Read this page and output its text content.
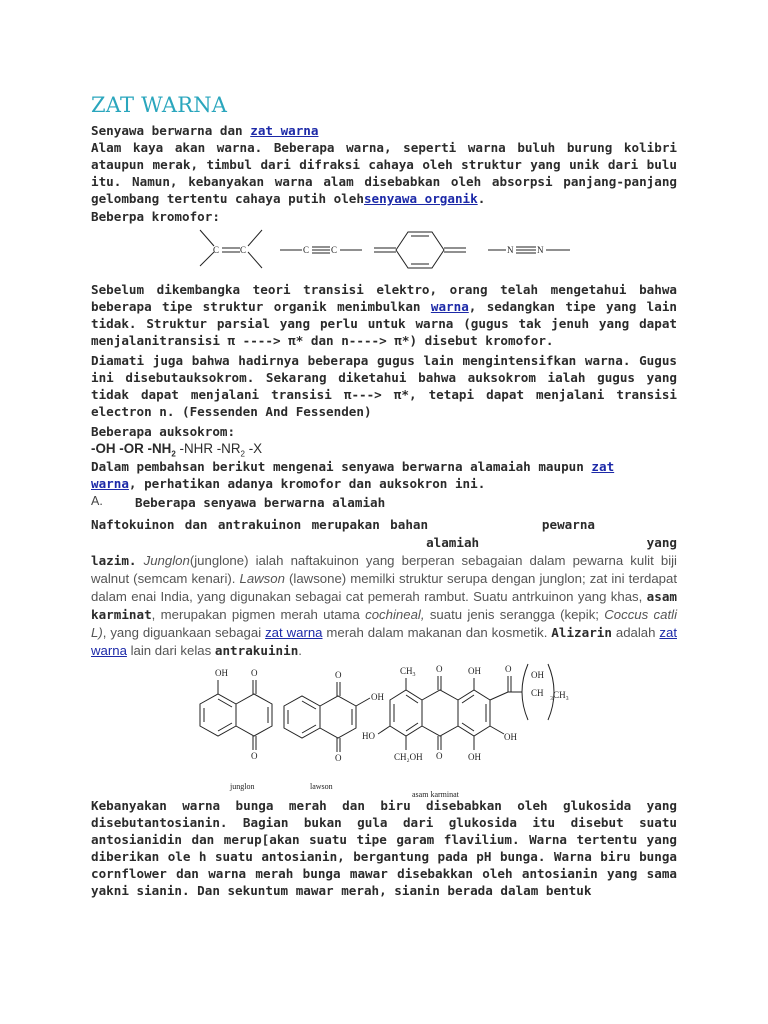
ZAT WARNA
Senyawa berwarna dan zat warna

Alam kaya akan warna. Beberapa warna, seperti warna buluh burung kolibri ataupun merak, timbul dari difraksi cahaya oleh struktur yang unik dari bulu itu. Namun, kebanyakan warna alam disebabkan oleh absorpsi panjang-panjang gelombang tertentu cahaya putih olehsenyawa organik.

Beberpa kromofor:
C C	C C	N	N

Sebelum dikembangka teori transisi elektro, orang telah mengetahui bahwa beberapa tipe struktur organik menimbulkan warna, sedangkan tipe yang lain tidak. Struktur parsial yang perlu untuk warna (gugus tak jenuh yang dapat menjalanitransisi π ----> π* dan n----> π*) disebut kromofor.

Diamati juga bahwa hadirnya beberapa gugus lain mengintensifkan warna. Gugus ini disebutauksokrom. Sekarang diketahui bahwa auksokrom ialah gugus yang tidak dapat menjalani transisi π---> π*, tetapi dapat menjalani transisi electron n. (Fessenden And Fessenden)

Beberapa auksokrom:
-OH -OR $-NH_2$ -NHR $-NR_2$ -X

Dalam pembahsan berikut mengenai senyawa berwarna alamaiah maupun zat
warna, perhatikan adanya kromofor dan auksokron ini.

A.	Beberapa senyawa berwarna alamiah

Naftokuinon dan antrakuinon merupakan bahan	pewarna           alamiah yang
lazim. Junglon(junglone) ialah naftakuinon yang berperan sebagaian dalam pewarna kulit biji walnut (semcam kenari). Lawson (lawsone) memilki struktur serupa dengan junglon; zat ini terdapat dalam enai India, yang digunakan sebagai cat pemerah rambut. Suatu antrkuinon yang khas, asam karminat, merupakan pigmen merah utama cochineal, suatu jenis serangga (kepik; Coccus catli L), yang diguankaan sebagai zat warna merah dalam makanan dan kosmetik. Alizarin adalah zat warna lain dari kelas antrakuinin.

OH	O
O
O
OH
O
$CH_3$
O
O
HO
CH₂OH
OH
OH
OH
O
OH
CH ₃CH₃
junglon	lawson
asam karminat

Kebanyakan warna bunga merah dan biru disebabkan oleh glukosida yang disebutantosianin. Bagian bukan gula dari glukosida itu disebut suatu antosianidin dan merup[akan suatu tipe garam flavilium. Warna tertentu yang diberikan ole h suatu antosianin, bergantung pada pH bunga. Warna biru bunga cornflower dan warna merah bunga mawar disebakkan oleh antosianin yang sama yakni sianin. Dan sekuntum mawar merah, sianin berada dalam bentuk
